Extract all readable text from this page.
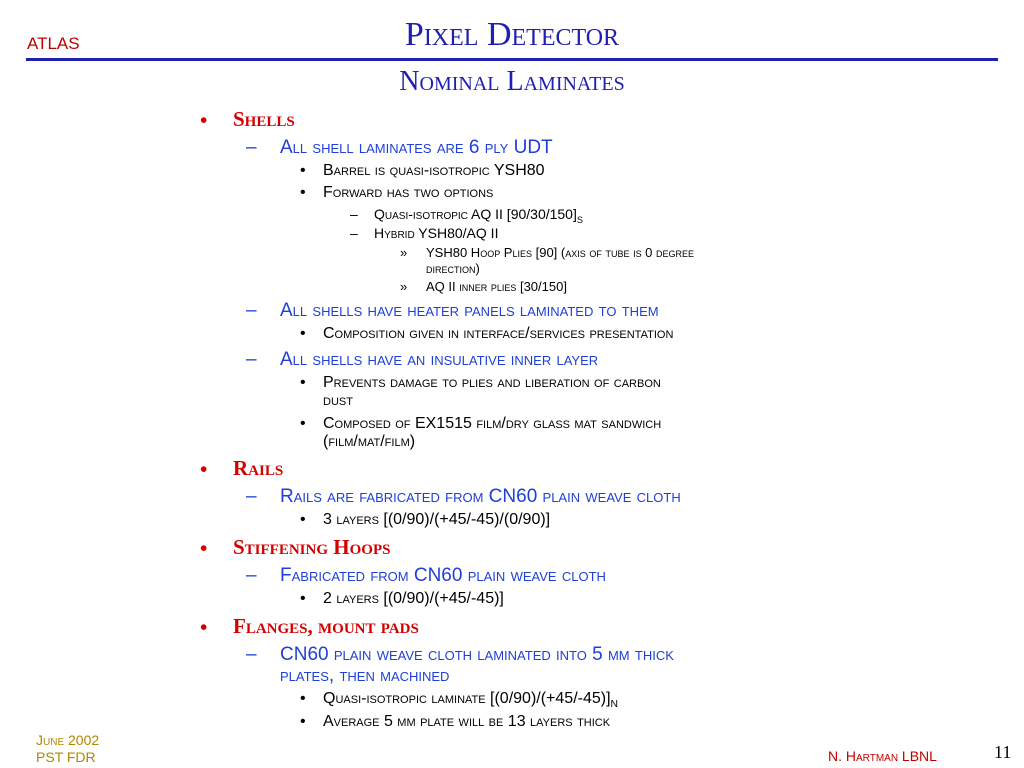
ATLAS	Pixel Detector
Nominal Laminates
• Shells
– All shell laminates are 6 ply UDT
• Barrel is quasi-isotropic YSH80
• Forward has two options
– Quasi-isotropic AQ II $[90/30/150]_S$
– Hybrid YSH80/AQ II
» YSH80 Hoop Plies [90] (axis of tube is 0 degree
direction)
» AQ II inner plies [30/150]
– All shells have heater panels laminated to them
• Composition given in interface/services presentation
– All shells have an insulative inner layer
• Prevents damage to plies and liberation of carbon
dust
• Composed of EX1515 film/dry glass mat sandwich
(film/mat/film)
• Rails
– Rails are fabricated from CN60 plain weave cloth
• 3 layers [(0/90)/(+45/-45)/(0/90)]
• Stiffening Hoops
– Fabricated from CN60 plain weave cloth
• 2 layers [(0/90)/(+45/-45)]
• Flanges, mount pads
– CN60 plain weave cloth laminated into 5 mm thick
plates, then machined
• Quasi-isotropic laminate $[(0/90)/(+45/-45)]_N$
• Average 5 mm plate will be 13 layers thick
June 2002
PST FDR	N. Hartman LBNL	11
